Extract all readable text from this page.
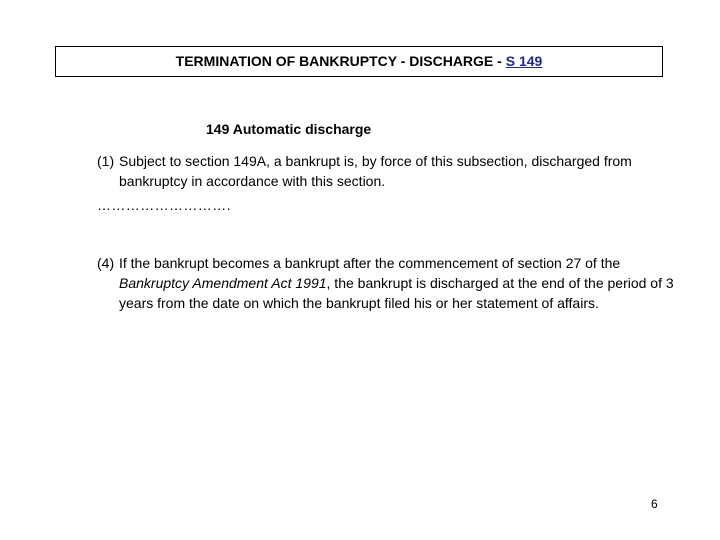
TERMINATION OF BANKRUPTCY - DISCHARGE - S 149
149 Automatic discharge
(1) Subject to section 149A, a bankrupt is, by force of this subsection, discharged from bankruptcy in accordance with this section.
……………………….
(4) If the bankrupt becomes a bankrupt after the commencement of section 27 of the Bankruptcy Amendment Act 1991, the bankrupt is discharged at the end of the period of 3 years from the date on which the bankrupt filed his or her statement of affairs.
6
